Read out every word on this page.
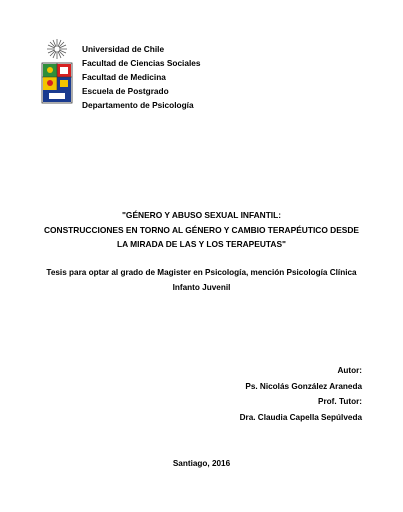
Universidad de Chile
Facultad de Ciencias Sociales
Facultad de Medicina
Escuela de Postgrado
Departamento de Psicología
"GÉNERO Y ABUSO SEXUAL INFANTIL:
CONSTRUCCIONES EN TORNO AL GÉNERO Y CAMBIO TERAPÉUTICO DESDE
LA MIRADA DE LAS Y LOS TERAPEUTAS"
Tesis para optar al grado de Magister en Psicología, mención Psicología Clínica
Infanto Juvenil
Autor:
Ps. Nicolás González Araneda
Prof. Tutor:
Dra. Claudia Capella Sepúlveda
Santiago, 2016
